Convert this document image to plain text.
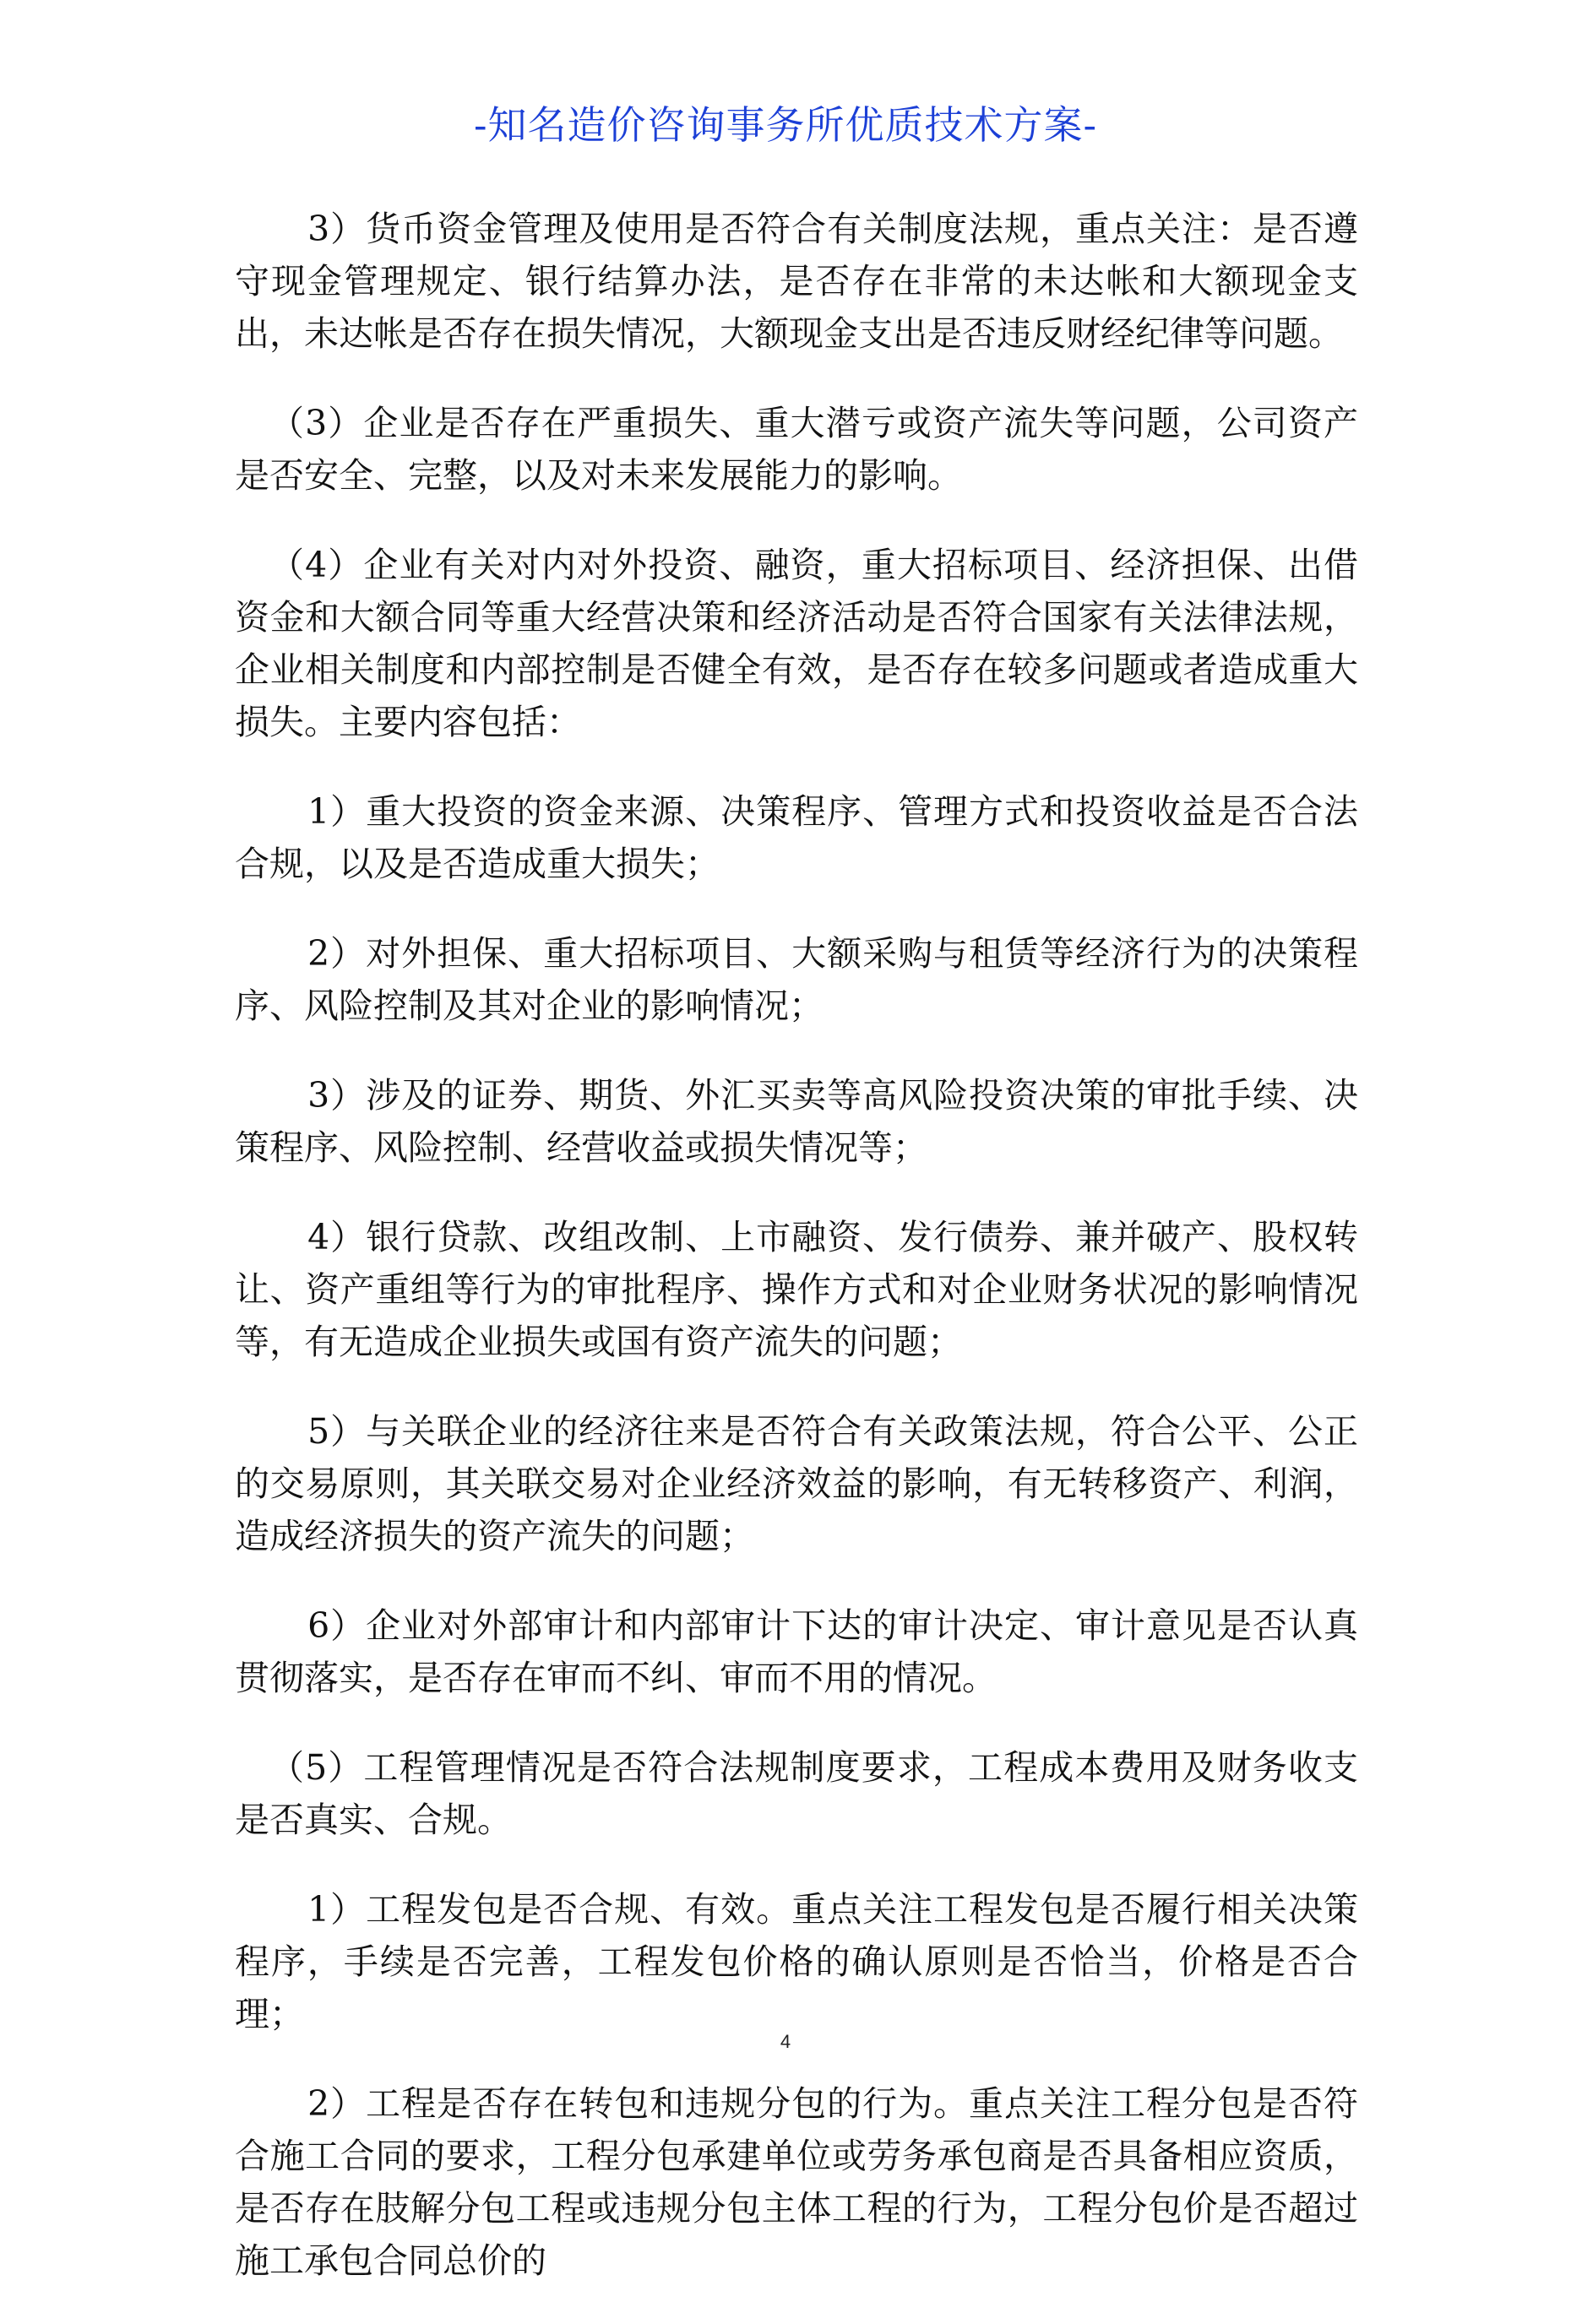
-知名造价咨询事务所优质技术方案-

3）货币资金管理及使用是否符合有关制度法规，重点关注：是否遵守现金管理规定、银行结算办法，是否存在非常的未达帐和大额现金支出，未达帐是否存在损失情况，大额现金支出是否违反财经纪律等问题。

（3）企业是否存在严重损失、重大潜亏或资产流失等问题，公司资产是否安全、完整，以及对未来发展能力的影响。

（4）企业有关对内对外投资、融资，重大招标项目、经济担保、出借资金和大额合同等重大经营决策和经济活动是否符合国家有关法律法规，企业相关制度和内部控制是否健全有效，是否存在较多问题或者造成重大损失。主要内容包括：

1）重大投资的资金来源、决策程序、管理方式和投资收益是否合法合规，以及是否造成重大损失；

2）对外担保、重大招标项目、大额采购与租赁等经济行为的决策程序、风险控制及其对企业的影响情况；

3）涉及的证券、期货、外汇买卖等高风险投资决策的审批手续、决策程序、风险控制、经营收益或损失情况等；

4）银行贷款、改组改制、上市融资、发行债券、兼并破产、股权转让、资产重组等行为的审批程序、操作方式和对企业财务状况的影响情况等，有无造成企业损失或国有资产流失的问题；

5）与关联企业的经济往来是否符合有关政策法规，符合公平、公正的交易原则，其关联交易对企业经济效益的影响，有无转移资产、利润，造成经济损失的资产流失的问题；

6）企业对外部审计和内部审计下达的审计决定、审计意见是否认真贯彻落实，是否存在审而不纠、审而不用的情况。

（5）工程管理情况是否符合法规制度要求，工程成本费用及财务收支是否真实、合规。

1）工程发包是否合规、有效。重点关注工程发包是否履行相关决策程序，手续是否完善，工程发包价格的确认原则是否恰当，价格是否合理；

2）工程是否存在转包和违规分包的行为。重点关注工程分包是否符合施工合同的要求，工程分包承建单位或劳务承包商是否具备相应资质，是否存在肢解分包工程或违规分包主体工程的行为，工程分包价是否超过施工承包合同总价的

4
